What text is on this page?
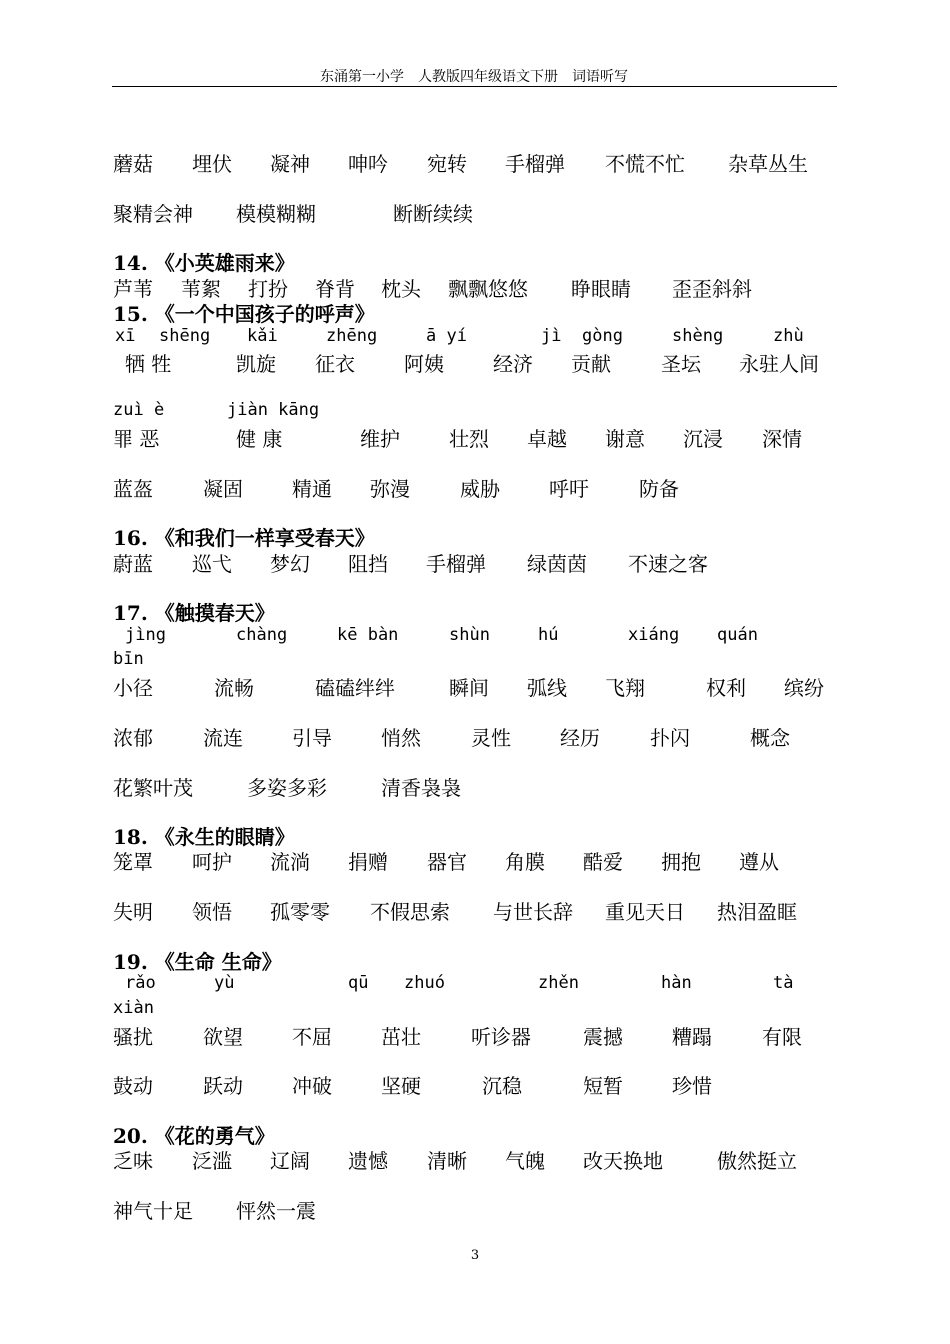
东涌第一小学　人教版四年级语文下册　词语听写
蘑菇 埋伏 凝神 呻吟 宛转 手榴弹 不慌不忙 杂草丛生
聚精会神 模模糊糊	断断续续
14. 《小英雄雨来》
芦苇 苇絮 打扮 脊背 枕头 飘飘悠悠 睁眼睛 歪歪斜斜
15. 《一个中国孩子的呼声》
xī shēng kǎi	zhēng	ā yí	jì gòng	shèng	zhù
牺 牲	凯旋 征衣 阿姨 经济 贡献	圣坛 永驻人间
zuì è	jiàn kāng
罪 恶	健 康	维护 壮烈 卓越 谢意 沉浸 深情
蓝盔	凝固 精通 弥漫	威胁 呼吁	防备
16. 《和我们一样享受春天》
蔚蓝 巡弋 梦幻 阻挡 手榴弹 绿茵茵 不速之客
17. 《触摸春天》
jìng	chàng	kē bàn	shùn	hú	xiáng quán
bīn
小径	流畅	磕磕绊绊	瞬间 弧线 飞翔	权利 缤纷
浓郁	流连 引导 悄然	灵性 经历	扑闪	概念
花繁叶茂	多姿多彩	清香袅袅
18. 《永生的眼睛》
笼罩 呵护 流淌 捐赠 器官 角膜 酷爱 拥抱 遵从
失明 领悟 孤零零 不假思索 与世长辞 重见天日 热泪盈眶
19. 《生命 生命》
rǎo	yù	qū zhuó	zhěn	hàn	tà
xiàn
骚扰	欲望 不屈 茁壮	听诊器	震撼 糟蹋	有限
鼓动	跃动 冲破 坚硬	沉稳	短暂 珍惜
20. 《花的勇气》
乏味 泛滥 辽阔 遗憾 清晰 气魄 改天换地	傲然挺立
神气十足 怦然一震
3
